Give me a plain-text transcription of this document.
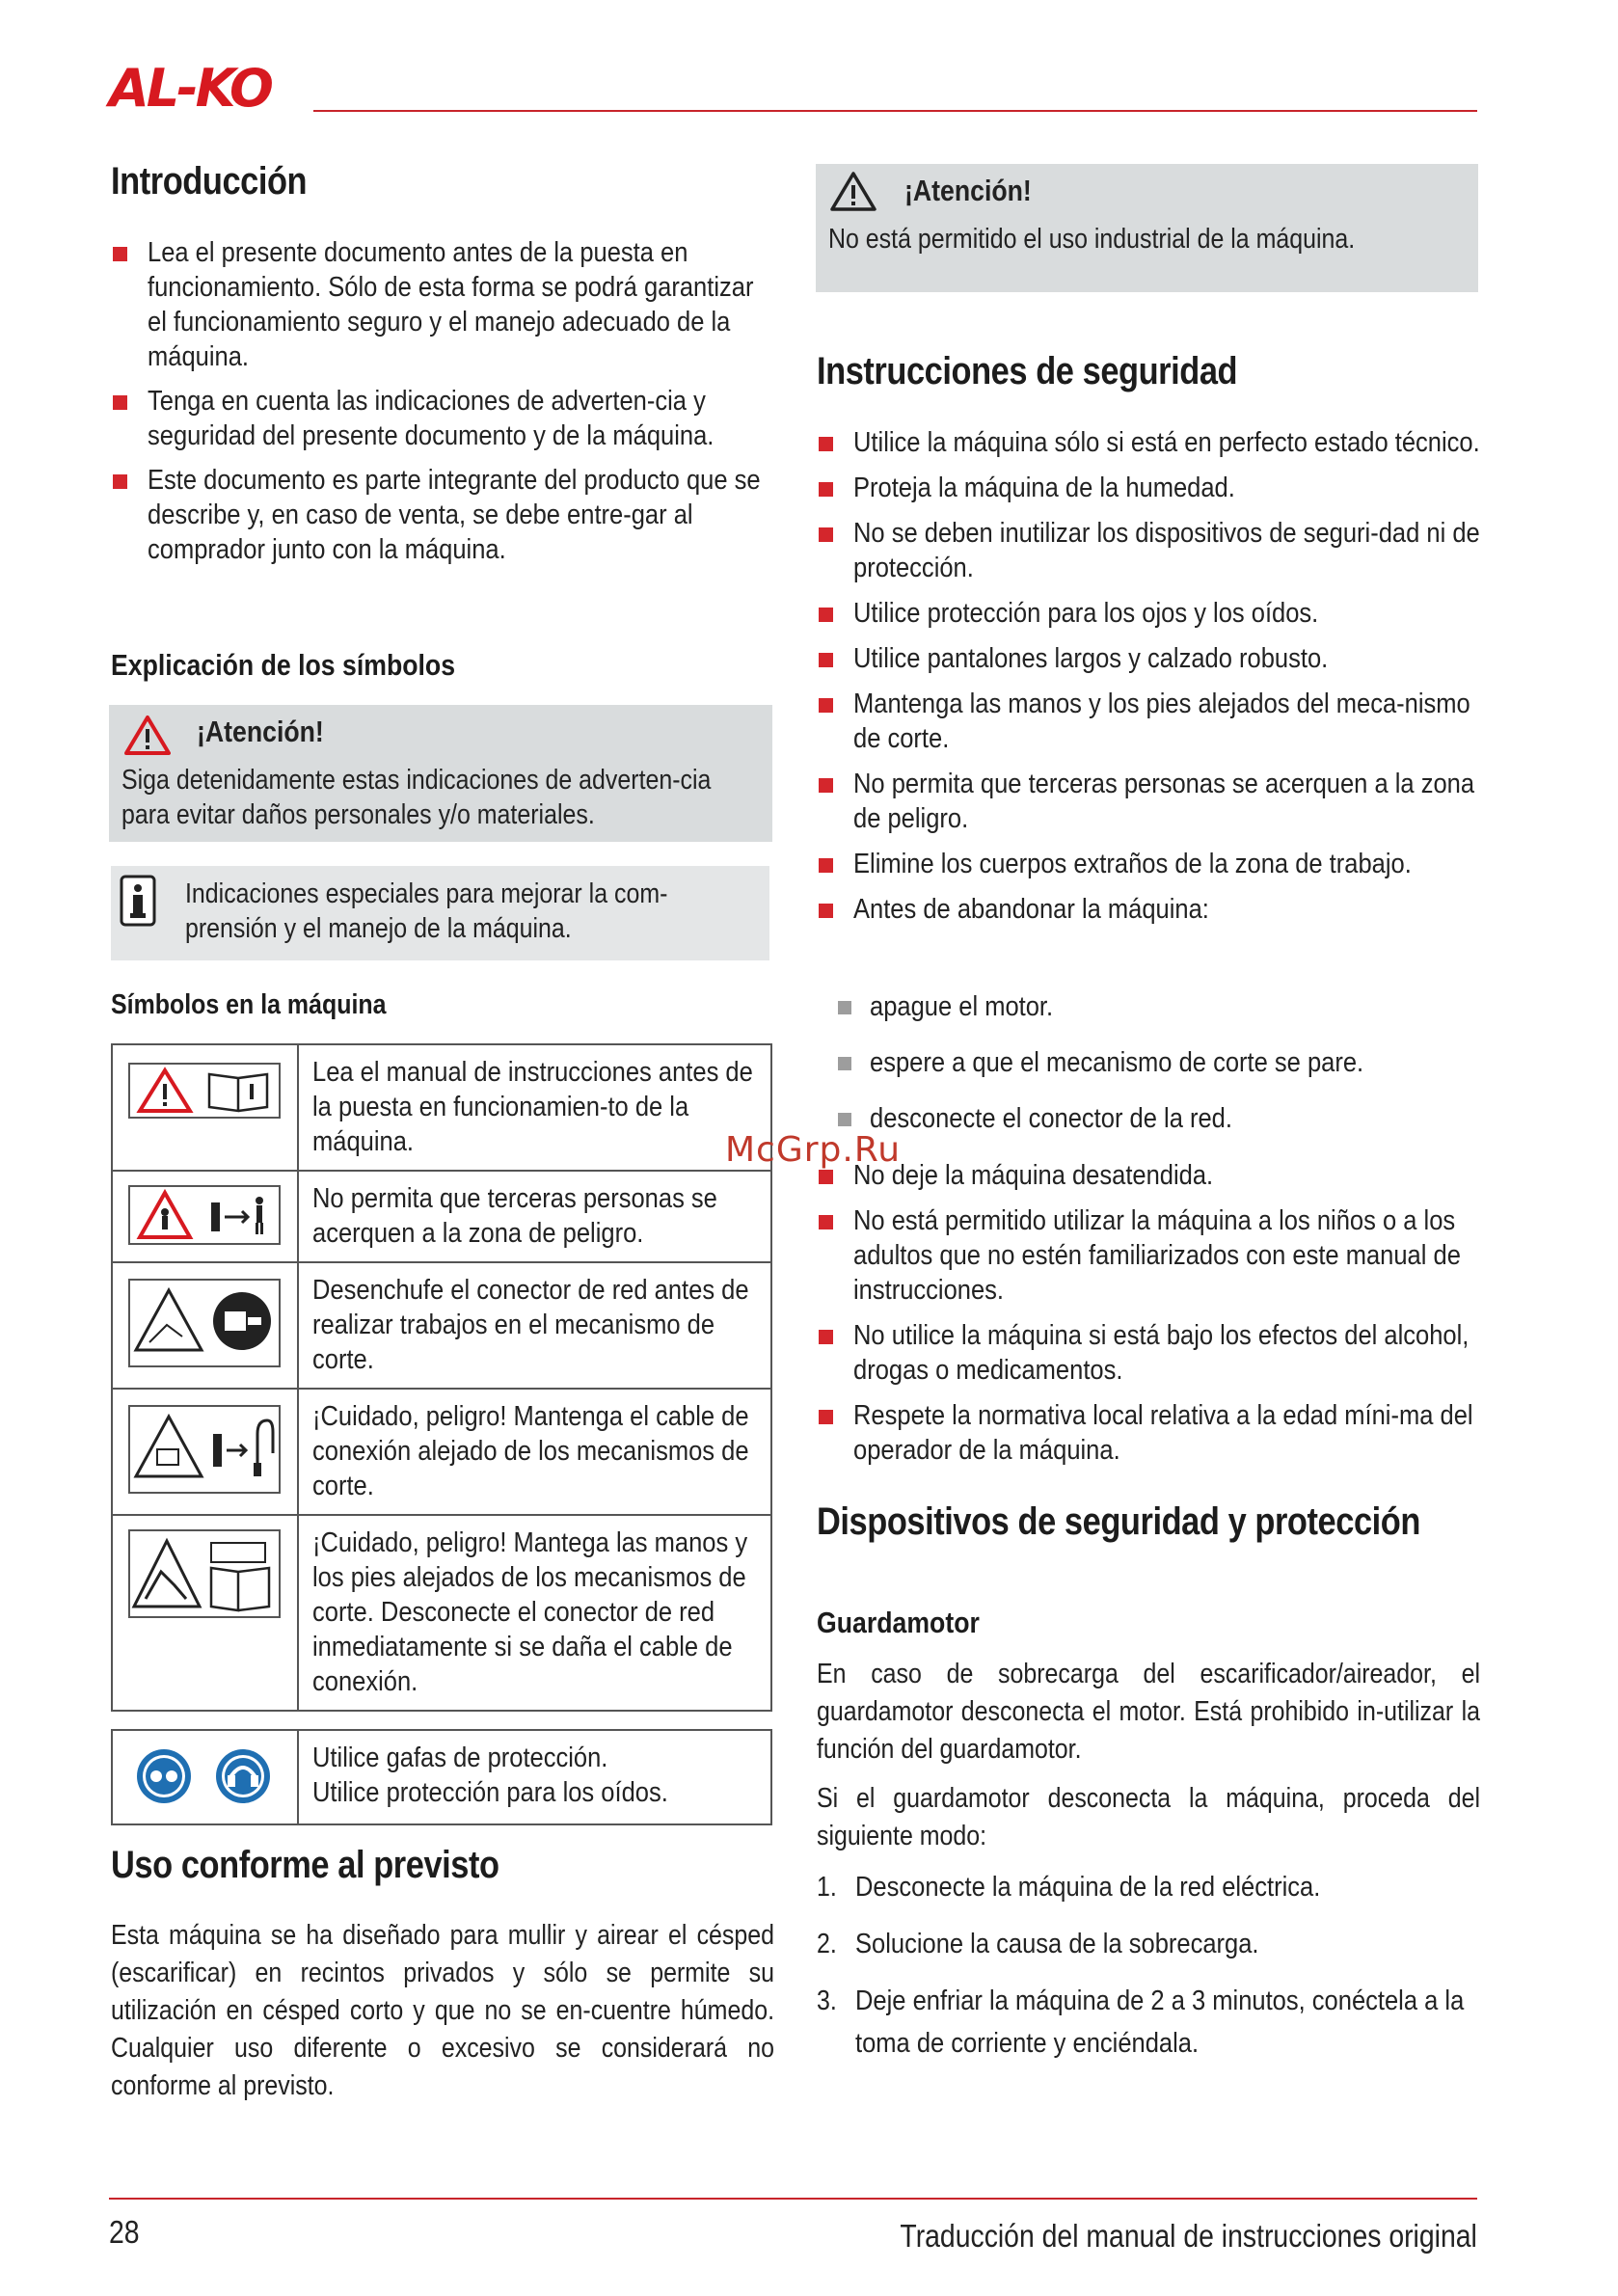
AL-KO
Introducción
Lea el presente documento antes de la puesta en funcionamiento. Sólo de esta forma se podrá garantizar el funcionamiento seguro y el manejo adecuado de la máquina.
Tenga en cuenta las indicaciones de adverten-cia y seguridad del presente documento y de la máquina.
Este documento es parte integrante del producto que se describe y, en caso de venta, se debe entre-gar al comprador junto con la máquina.
Explicación de los símbolos
¡Atención!
Siga detenidamente estas indicaciones de adverten-cia para evitar daños personales y/o materiales.
Indicaciones especiales para mejorar la com-prensión y el manejo de la máquina.
Símbolos en la máquina

Lea el manual de instrucciones antes de la puesta en funcionamien-to de la máquina.

No permita que terceras personas se acerquen a la zona de peligro.

Desenchufe el conector de red antes de realizar trabajos en el mecanismo de corte.

¡Cuidado, peligro! Mantenga el cable de conexión alejado de los mecanismos de corte.

¡Cuidado, peligro! Mantega las manos y los pies alejados de los mecanismos de corte. Desconecte el conector de red inmediatamente si se daña el cable de conexión.

Utilice gafas de protección.
Utilice protección para los oídos.
Uso conforme al previsto
Esta máquina se ha diseñado para mullir y airear el césped (escarificar) en recintos privados y sólo se permite su utilización en césped corto y que no se en-cuentre húmedo. Cualquier uso diferente o excesivo se considerará no conforme al previsto.
¡Atención!
No está permitido el uso industrial de la máquina.
Instrucciones de seguridad
Utilice la máquina sólo si está en perfecto estado técnico.
Proteja la máquina de la humedad.
No se deben inutilizar los dispositivos de seguri-dad ni de protección.
Utilice protección para los ojos y los oídos.
Utilice pantalones largos y calzado robusto.
Mantenga las manos y los pies alejados del meca-nismo de corte.
No permita que terceras personas se acerquen a la zona de peligro.
Elimine los cuerpos extraños de la zona de trabajo.
Antes de abandonar la máquina:
apague el motor.
espere a que el mecanismo de corte se pare.
desconecte el conector de la red.
No deje la máquina desatendida.
No está permitido utilizar la máquina a los niños o a los adultos que no estén familiarizados con este manual de instrucciones.
No utilice la máquina si está bajo los efectos del alcohol, drogas o medicamentos.
Respete la normativa local relativa a la edad míni-ma del operador de la máquina.
Dispositivos de seguridad y protección
Guardamotor
En caso de sobrecarga del escarificador/aireador, el guardamotor desconecta el motor. Está prohibido in-utilizar la función del guardamotor.
Si el guardamotor desconecta la máquina, proceda del siguiente modo:
1. Desconecte la máquina de la red eléctrica.
2. Solucione la causa de la sobrecarga.
3. Deje enfriar la máquina de 2 a 3 minutos, conéctela a la toma de corriente y enciéndala.
McGrp.Ru
28	Traducción del manual de instrucciones original
